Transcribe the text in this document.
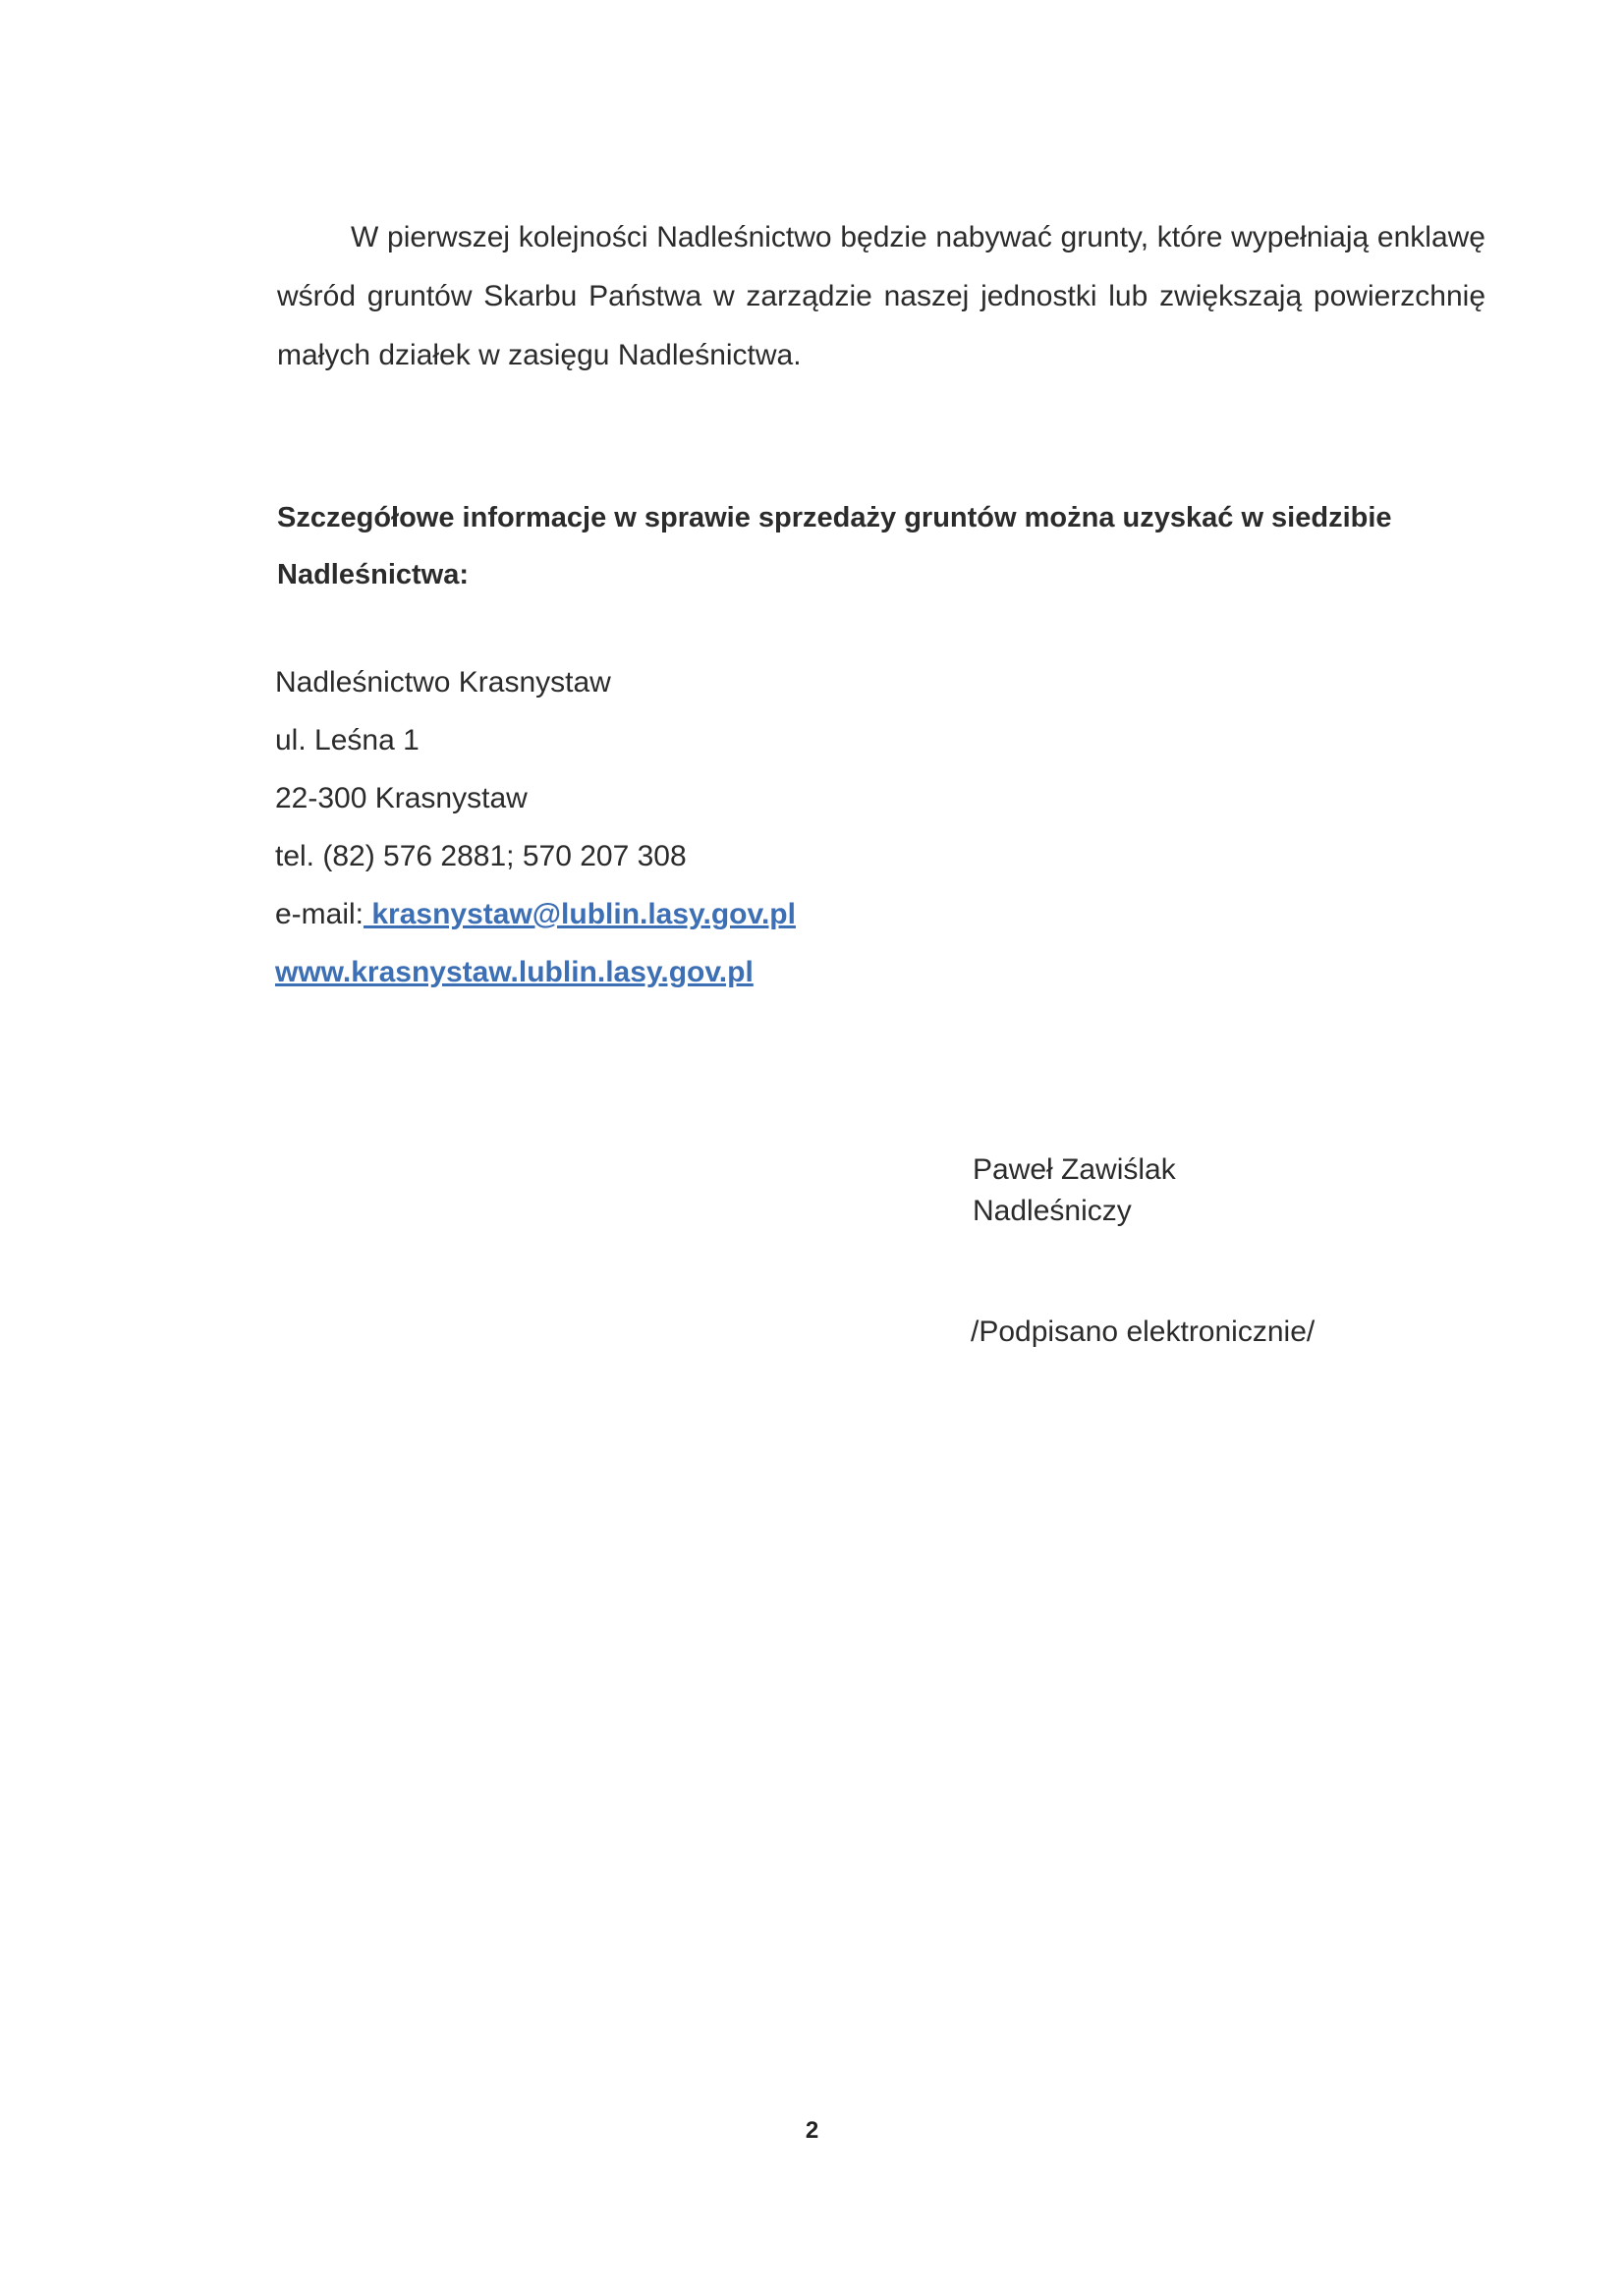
W pierwszej kolejności Nadleśnictwo będzie nabywać grunty, które wypełniają enklawę wśród gruntów Skarbu Państwa w zarządzie naszej jednostki lub zwiększają powierzchnię małych działek w zasięgu Nadleśnictwa.

Szczegółowe informacje w sprawie sprzedaży gruntów można uzyskać w siedzibie
Nadleśnictwa:

Nadleśnictwo Krasnystaw
ul. Leśna 1
22-300 Krasnystaw
tel. (82) 576 2881; 570 207 308
e-mail: krasnystaw@lublin.lasy.gov.pl
www.krasnystaw.lublin.lasy.gov.pl
Paweł Zawiślak
Nadleśniczy

/Podpisano elektronicznie/

2
